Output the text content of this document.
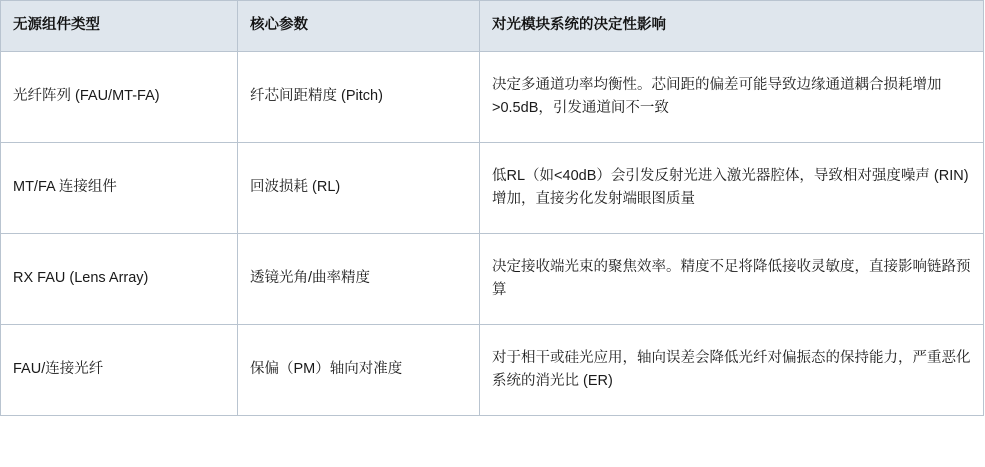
无源组件类型	核心参数	对光模块系统的决定性影响
光纤阵列 (FAU/MT-FA)	纤芯间距精度 (Pitch)	决定多通道功率均衡性。芯间距的偏差可能导致边缘通道耦合损耗增加>0.5dB，引发通道间不一致
MT/FA 连接组件	回波损耗 (RL)	低RL（如<40dB）会引发反射光进入激光器腔体，导致相对强度噪声 (RIN) 增加，直接劣化发射端眼图质量
RX FAU (Lens Array)	透镜光角/曲率精度	决定接收端光束的聚焦效率。精度不足将降低接收灵敏度，直接影响链路预算
FAU/连接光纤	保偏（PM）轴向对准度	对于相干或硅光应用，轴向误差会降低光纤对偏振态的保持能力，严重恶化系统的消光比 (ER)
